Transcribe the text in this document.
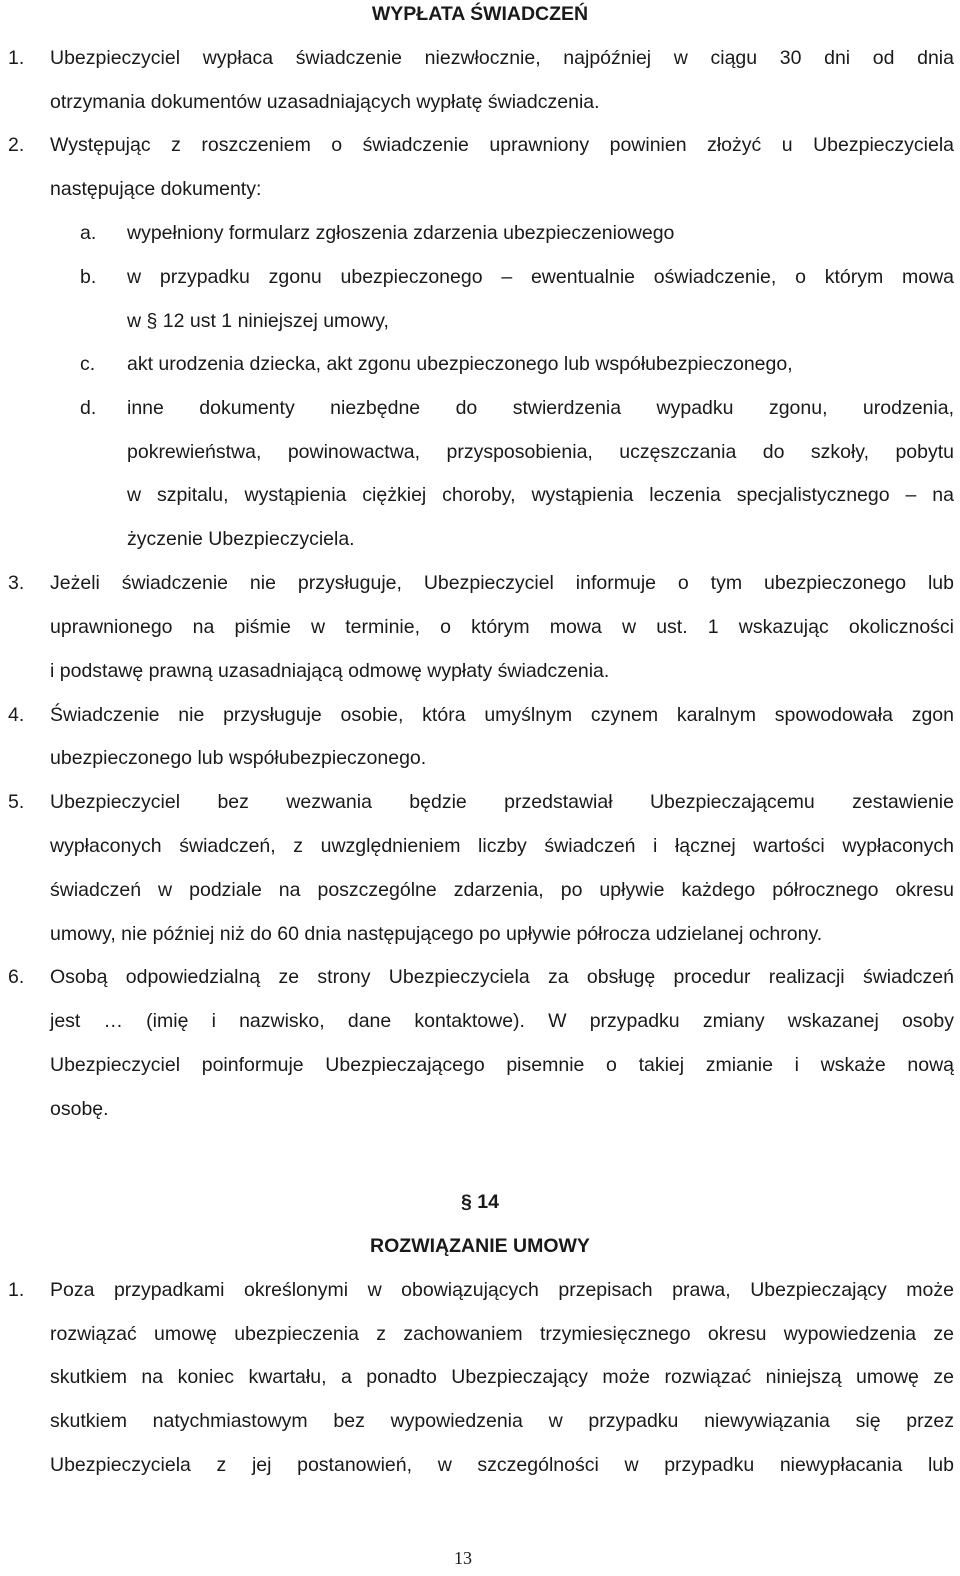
WYPŁATA ŚWIADCZEŃ
1. Ubezpieczyciel wypłaca świadczenie niezwłocznie, najpóźniej w ciągu 30 dni od dnia
otrzymania dokumentów uzasadniających wypłatę świadczenia.
2. Występując z roszczeniem o świadczenie uprawniony powinien złożyć u Ubezpieczyciela
następujące dokumenty:
a. wypełniony formularz zgłoszenia zdarzenia ubezpieczeniowego
b. w przypadku zgonu ubezpieczonego – ewentualnie oświadczenie, o którym mowa
w § 12 ust 1 niniejszej umowy,
c. akt urodzenia dziecka, akt zgonu ubezpieczonego lub współubezpieczonego,
d. inne dokumenty niezbędne do stwierdzenia wypadku zgonu, urodzenia,
pokrewieństwa, powinowactwa, przysposobienia, uczęszczania do szkoły, pobytu
w szpitalu, wystąpienia ciężkiej choroby, wystąpienia leczenia specjalistycznego – na
życzenie Ubezpieczyciela.
3. Jeżeli świadczenie nie przysługuje, Ubezpieczyciel informuje o tym ubezpieczonego lub
uprawnionego na piśmie w terminie, o którym mowa w ust. 1 wskazując okoliczności
i podstawę prawną uzasadniającą odmowę wypłaty świadczenia.
4. Świadczenie nie przysługuje osobie, która umyślnym czynem karalnym spowodowała zgon
ubezpieczonego lub współubezpieczonego.
5. Ubezpieczyciel bez wezwania będzie przedstawiał Ubezpieczającemu zestawienie
wypłaconych świadczeń, z uwzględnieniem liczby świadczeń i łącznej wartości wypłaconych
świadczeń w podziale na poszczególne zdarzenia, po upływie każdego półrocznego okresu
umowy, nie później niż do 60 dnia następującego po upływie półrocza udzielanej ochrony.
6. Osobą odpowiedzialną ze strony Ubezpieczyciela za obsługę procedur realizacji świadczeń
jest … (imię i nazwisko, dane kontaktowe). W przypadku zmiany wskazanej osoby
Ubezpieczyciel poinformuje Ubezpieczającego pisemnie o takiej zmianie i wskaże nową
osobę.
§ 14
ROZWIĄZANIE UMOWY
1. Poza przypadkami określonymi w obowiązujących przepisach prawa, Ubezpieczający może
rozwiązać umowę ubezpieczenia z zachowaniem trzymiesięcznego okresu wypowiedzenia ze
skutkiem na koniec kwartału, a ponadto Ubezpieczający może rozwiązać niniejszą umowę ze
skutkiem natychmiastowym bez wypowiedzenia w przypadku niewywiązania się przez
Ubezpieczyciela z jej postanowień, w szczególności w przypadku niewypłacania lub
13
